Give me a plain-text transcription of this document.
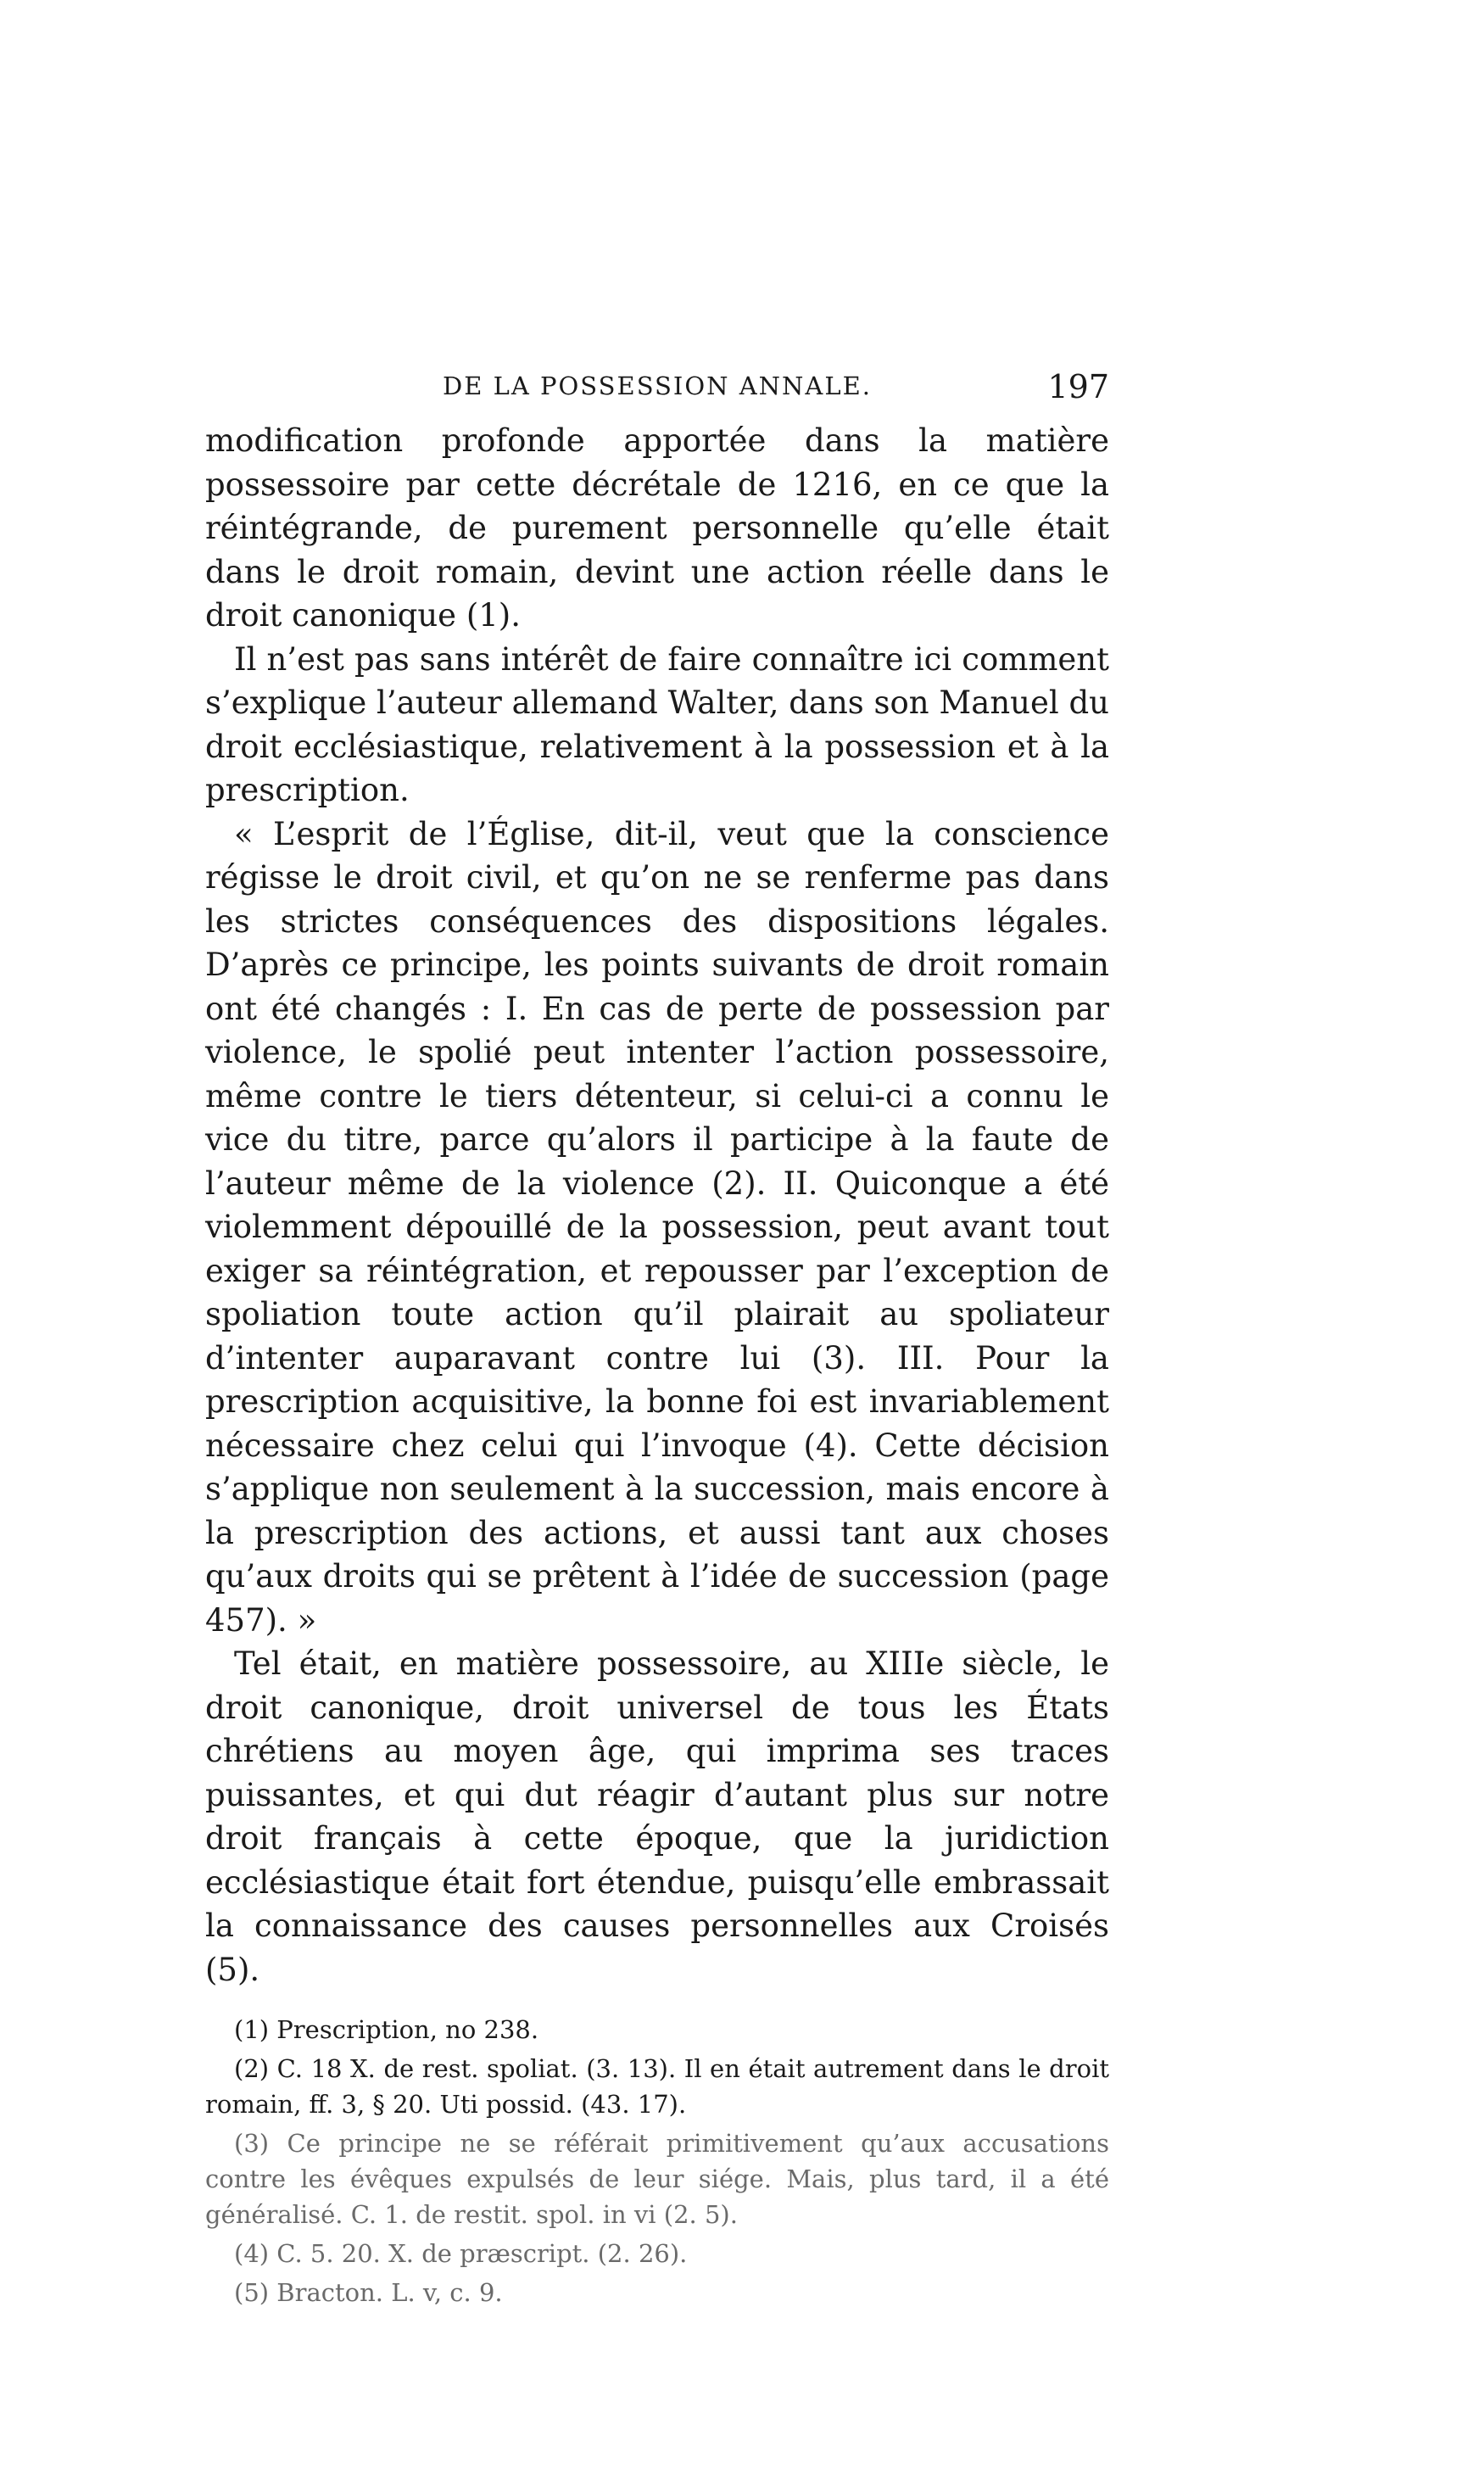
DE LA POSSESSION ANNALE.	197

modification profonde apportée dans la matière possessoire par cette décrétale de 1216, en ce que la réintégrande, de purement personnelle qu’elle était dans le droit romain, devint une action réelle dans le droit canonique (1).

Il n’est pas sans intérêt de faire connaître ici comment s’explique l’auteur allemand Walter, dans son Manuel du droit ecclésiastique, relativement à la possession et à la prescription.

« L’esprit de l’Église, dit-il, veut que la conscience régisse le droit civil, et qu’on ne se renferme pas dans les strictes conséquences des dispositions légales. D’après ce principe, les points suivants de droit romain ont été changés : I. En cas de perte de possession par violence, le spolié peut intenter l’action possessoire, même contre le tiers détenteur, si celui-ci a connu le vice du titre, parce qu’alors il participe à la faute de l’auteur même de la violence (2). II. Quiconque a été violemment dépouillé de la possession, peut avant tout exiger sa réintégration, et repousser par l’exception de spoliation toute action qu’il plairait au spoliateur d’intenter auparavant contre lui (3). III. Pour la prescription acquisitive, la bonne foi est invariablement nécessaire chez celui qui l’invoque (4). Cette décision s’applique non seulement à la succession, mais encore à la prescription des actions, et aussi tant aux choses qu’aux droits qui se prêtent à l’idée de succession (page 457). »

Tel était, en matière possessoire, au XIIIe siècle, le droit canonique, droit universel de tous les États chrétiens au moyen âge, qui imprima ses traces puissantes, et qui dut réagir d’autant plus sur notre droit français à cette époque, que la juridiction ecclésiastique était fort étendue, puisqu’elle embrassait la connaissance des causes personnelles aux Croisés (5).

(1) Prescription, no 238.

(2) C. 18 X. de rest. spoliat. (3. 13). Il en était autrement dans le droit romain, ff. 3, § 20. Uti possid. (43. 17).

(3) Ce principe ne se référait primitivement qu’aux accusations contre les évêques expulsés de leur siége. Mais, plus tard, il a été généralisé. C. 1. de restit. spol. in vi (2. 5).

(4) C. 5. 20. X. de præscript. (2. 26).

(5) Bracton. L. v, c. 9.
